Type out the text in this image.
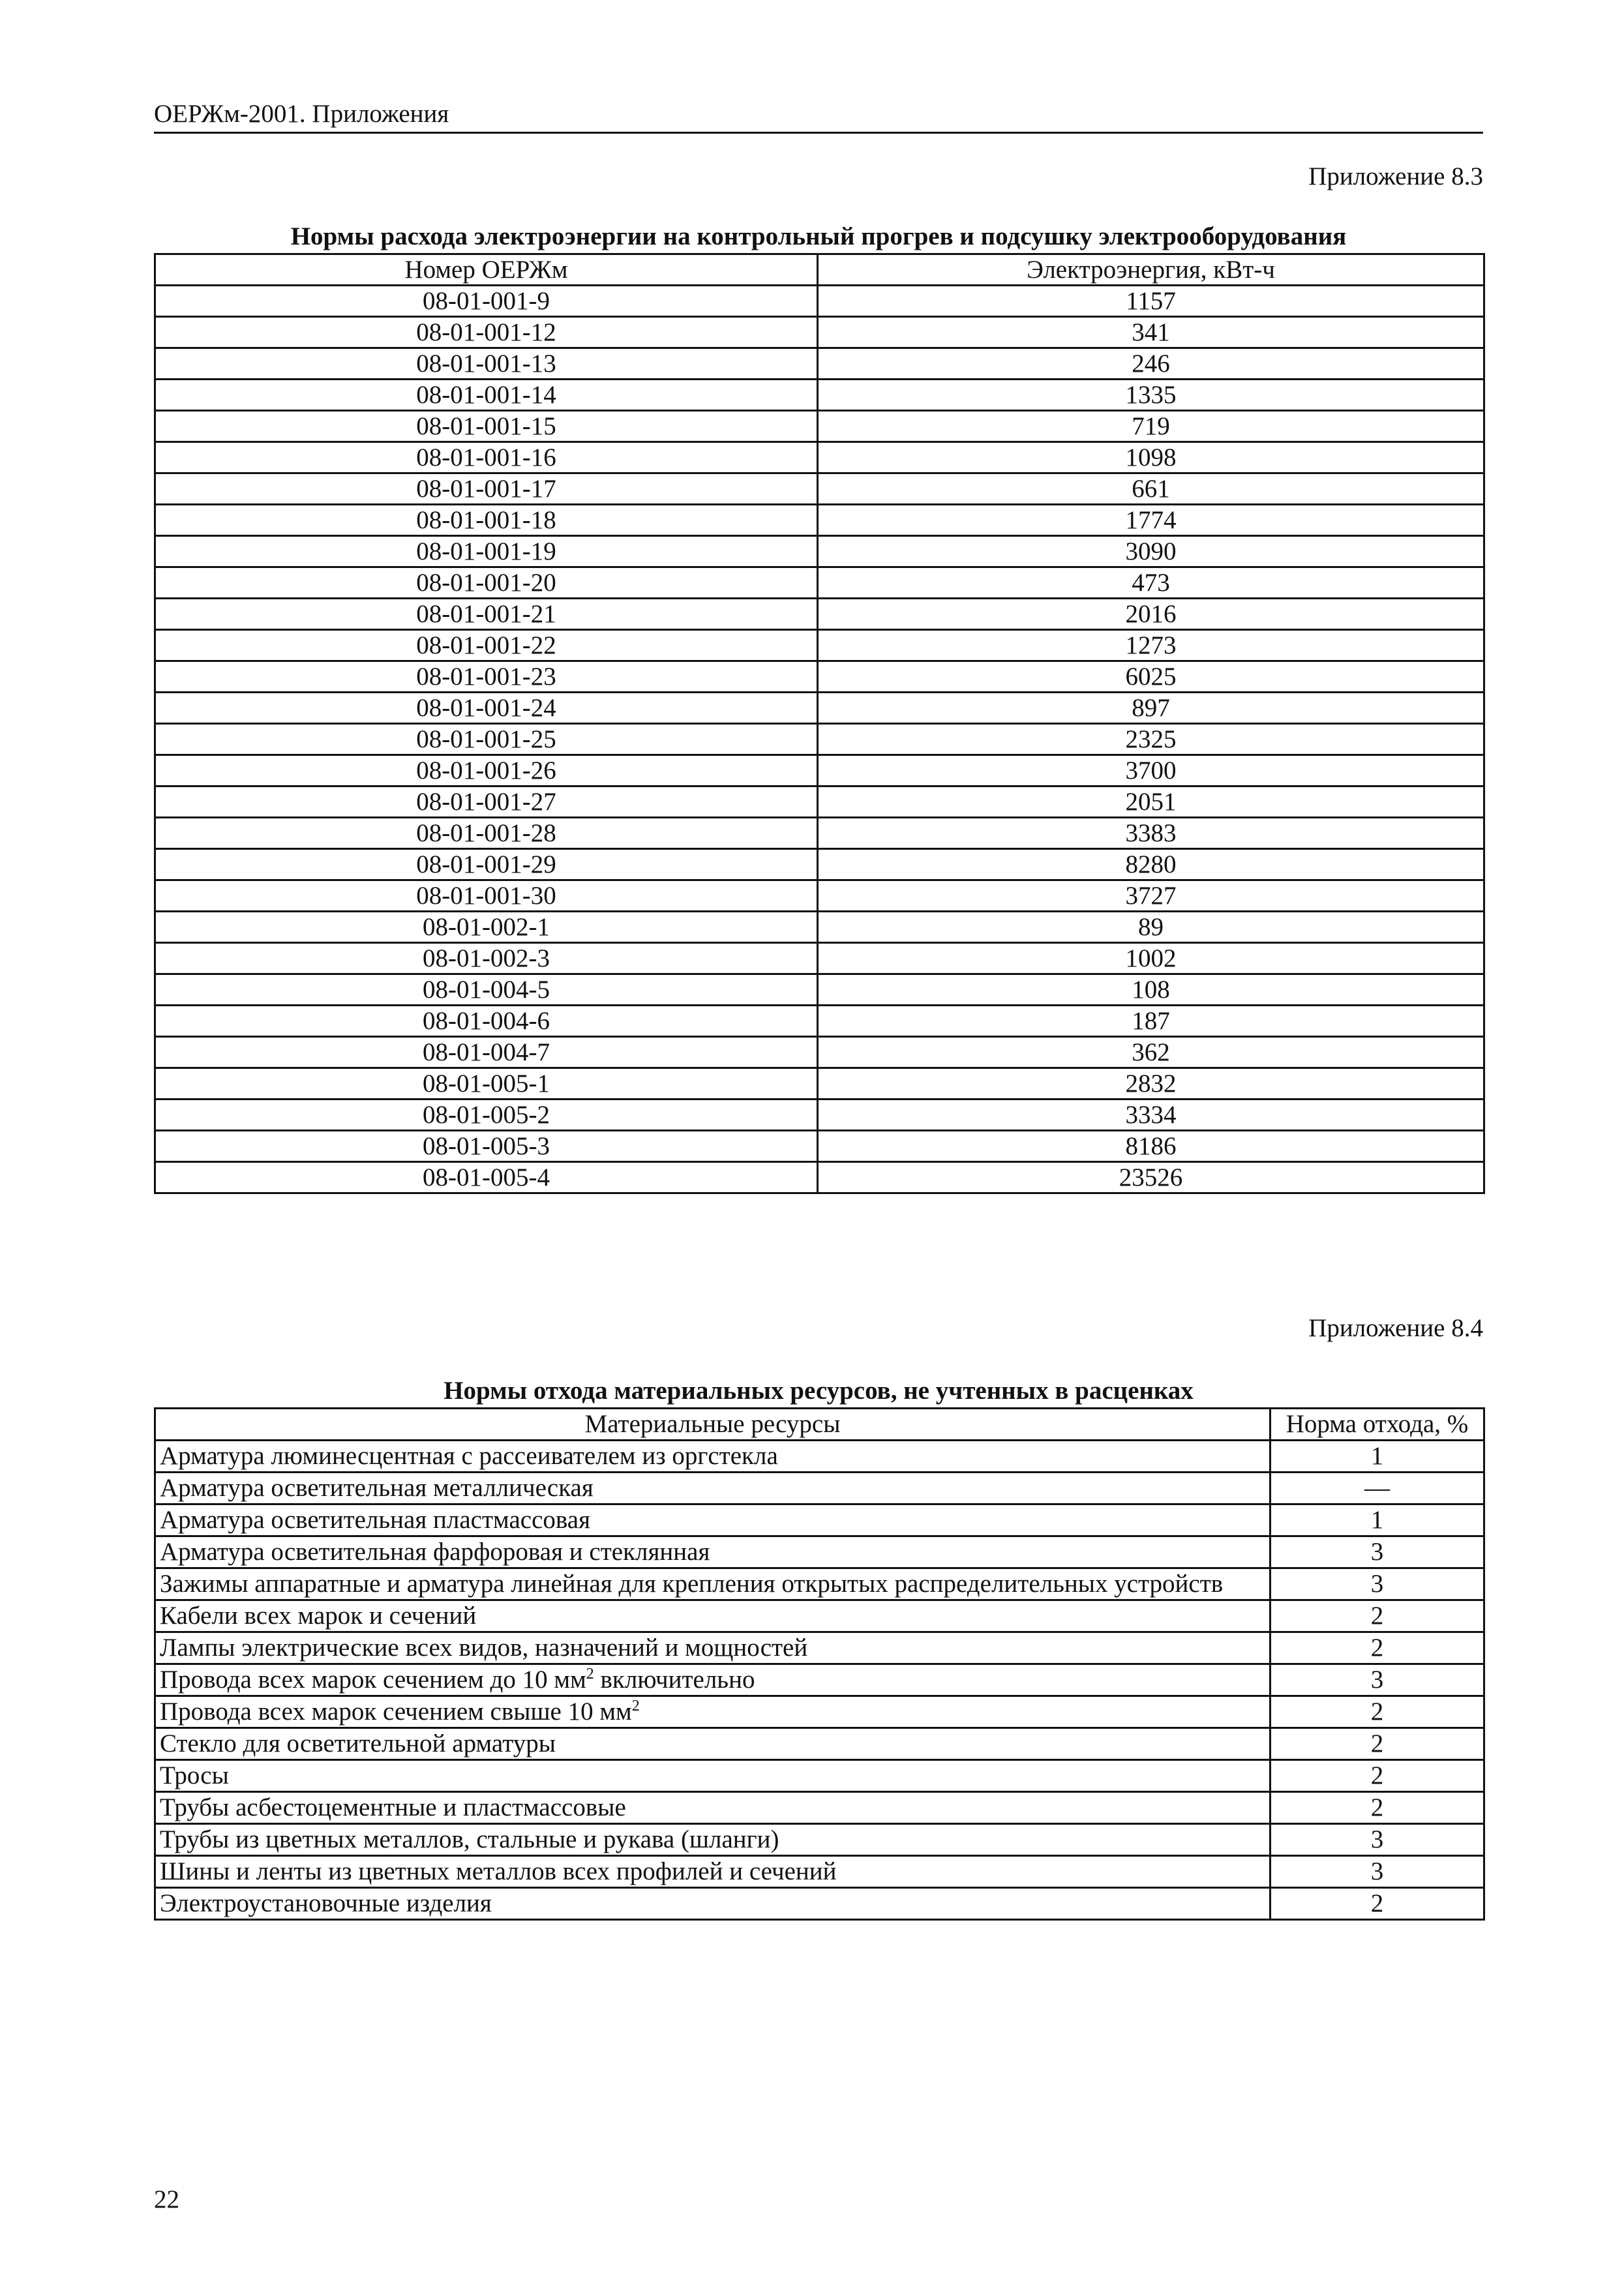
ОЕРЖм-2001. Приложения
Приложение 8.3
Нормы расхода электроэнергии на контрольный прогрев и подсушку электрооборудования
Номер ОЕРЖм	Электроэнергия, кВт-ч
08-01-001-9	1157
08-01-001-12	341
08-01-001-13	246
08-01-001-14	1335
08-01-001-15	719
08-01-001-16	1098
08-01-001-17	661
08-01-001-18	1774
08-01-001-19	3090
08-01-001-20	473
08-01-001-21	2016
08-01-001-22	1273
08-01-001-23	6025
08-01-001-24	897
08-01-001-25	2325
08-01-001-26	3700
08-01-001-27	2051
08-01-001-28	3383
08-01-001-29	8280
08-01-001-30	3727
08-01-002-1	89
08-01-002-3	1002
08-01-004-5	108
08-01-004-6	187
08-01-004-7	362
08-01-005-1	2832
08-01-005-2	3334
08-01-005-3	8186
08-01-005-4	23526
Приложение 8.4
Нормы отхода материальных ресурсов, не учтенных в расценках
Материальные ресурсы	Норма отхода, %
Арматура люминесцентная с рассеивателем из оргстекла	1
Арматура осветительная металлическая	—
Арматура осветительная пластмассовая	1
Арматура осветительная фарфоровая и стеклянная	3
Зажимы аппаратные и арматура линейная для крепления открытых распределительных устройств	3
Кабели всех марок и сечений	2
Лампы электрические всех видов, назначений и мощностей	2
Провода всех марок сечением до 10 $мм^2$ включительно	3
Провода всех марок сечением свыше 10 $мм^2$	2
Стекло для осветительной арматуры	2
Тросы	2
Трубы асбестоцементные и пластмассовые	2
Трубы из цветных металлов, стальные и рукава (шланги)	3
Шины и ленты из цветных металлов всех профилей и сечений	3
Электроустановочные изделия	2
22
